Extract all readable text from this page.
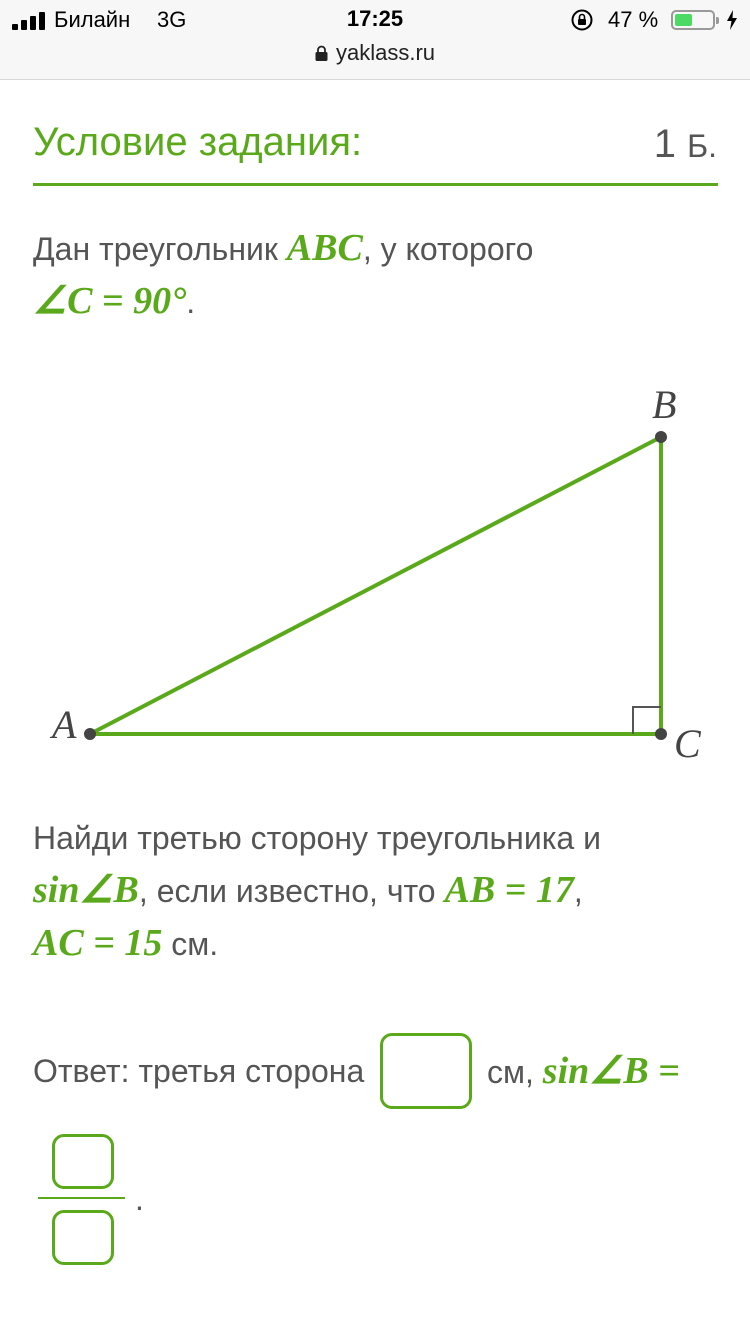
Билайн 3G	17:25	47 %
yaklass.ru
Условие задания:	1 Б.
Дан треугольник ABC, у которого
∠C = 90°.
A
B
C
Найди третью сторону треугольника и
sin∠B, если известно, что AB = 17,
AC = 15 см.
Ответ: третья сторона	см, sin∠B =
.
